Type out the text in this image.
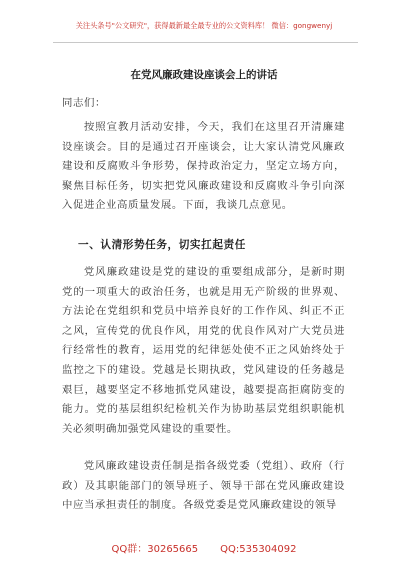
关注头条号"公文研究"，获得最新最全最专业的公文资料库！ 微信：gongwenyj
在党风廉政建设座谈会上的讲话
同志们：
按照宣教月活动安排，今天，我们在这里召开清廉建设座谈会。目的是通过召开座谈会，让大家认清党风廉政建设和反腐败斗争形势，保持政治定力，坚定立场方向，聚焦目标任务，切实把党风廉政建设和反腐败斗争引向深入促进企业高质量发展。下面，我谈几点意见。
一、认清形势任务，切实扛起责任
党风廉政建设是党的建设的重要组成部分，是新时期党的一项重大的政治任务，也就是用无产阶级的世界观、方法论在党组织和党员中培养良好的工作作风、纠正不正之风，宣传党的优良作风，用党的优良作风对广大党员进行经常性的教育，运用党的纪律惩处使不正之风始终处于监控之下的建设。党越是长期执政，党风建设的任务越是艰巨，越要坚定不移地抓党风建设，越要提高拒腐防变的能力。党的基层组织纪检机关作为协助基层党组织职能机关必须明确加强党风建设的重要性。
党风廉政建设责任制是指各级党委（党组）、政府（行政）及其职能部门的领导班子、领导干部在党风廉政建设中应当承担责任的制度。各级党委是党风廉政建设的领导
QQ群：30265665 QQ:535304092
